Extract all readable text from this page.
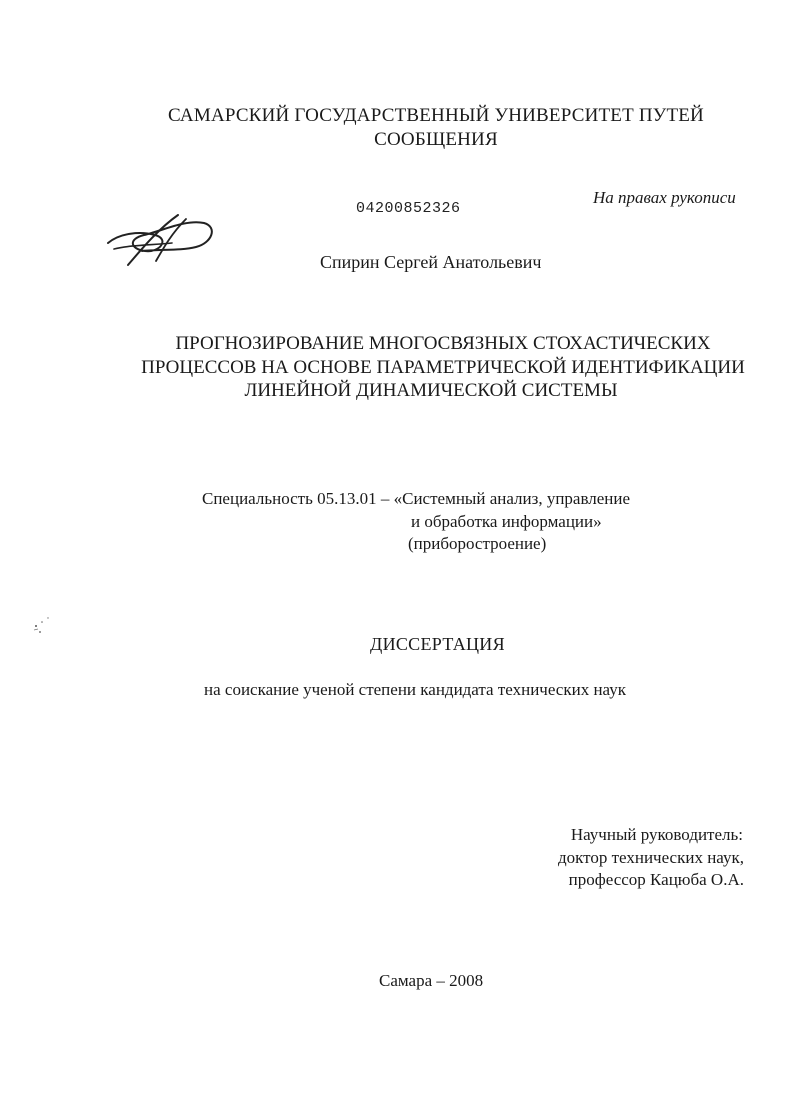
САМАРСКИЙ ГОСУДАРСТВЕННЫЙ УНИВЕРСИТЕТ ПУТЕЙ
СООБЩЕНИЯ
На правах рукописи
04200852326
Спирин Сергей Анатольевич
ПРОГНОЗИРОВАНИЕ МНОГОСВЯЗНЫХ СТОХАСТИЧЕСКИХ
ПРОЦЕССОВ НА ОСНОВЕ ПАРАМЕТРИЧЕСКОЙ ИДЕНТИФИКАЦИИ
ЛИНЕЙНОЙ ДИНАМИЧЕСКОЙ СИСТЕМЫ
Специальность 05.13.01 – «Системный анализ, управление
и обработка информации»
(приборостроение)
ДИССЕРТАЦИЯ
на соискание ученой степени кандидата технических наук
Научный руководитель:
доктор технических наук,
профессор Кацюба О.А.
Самара – 2008
